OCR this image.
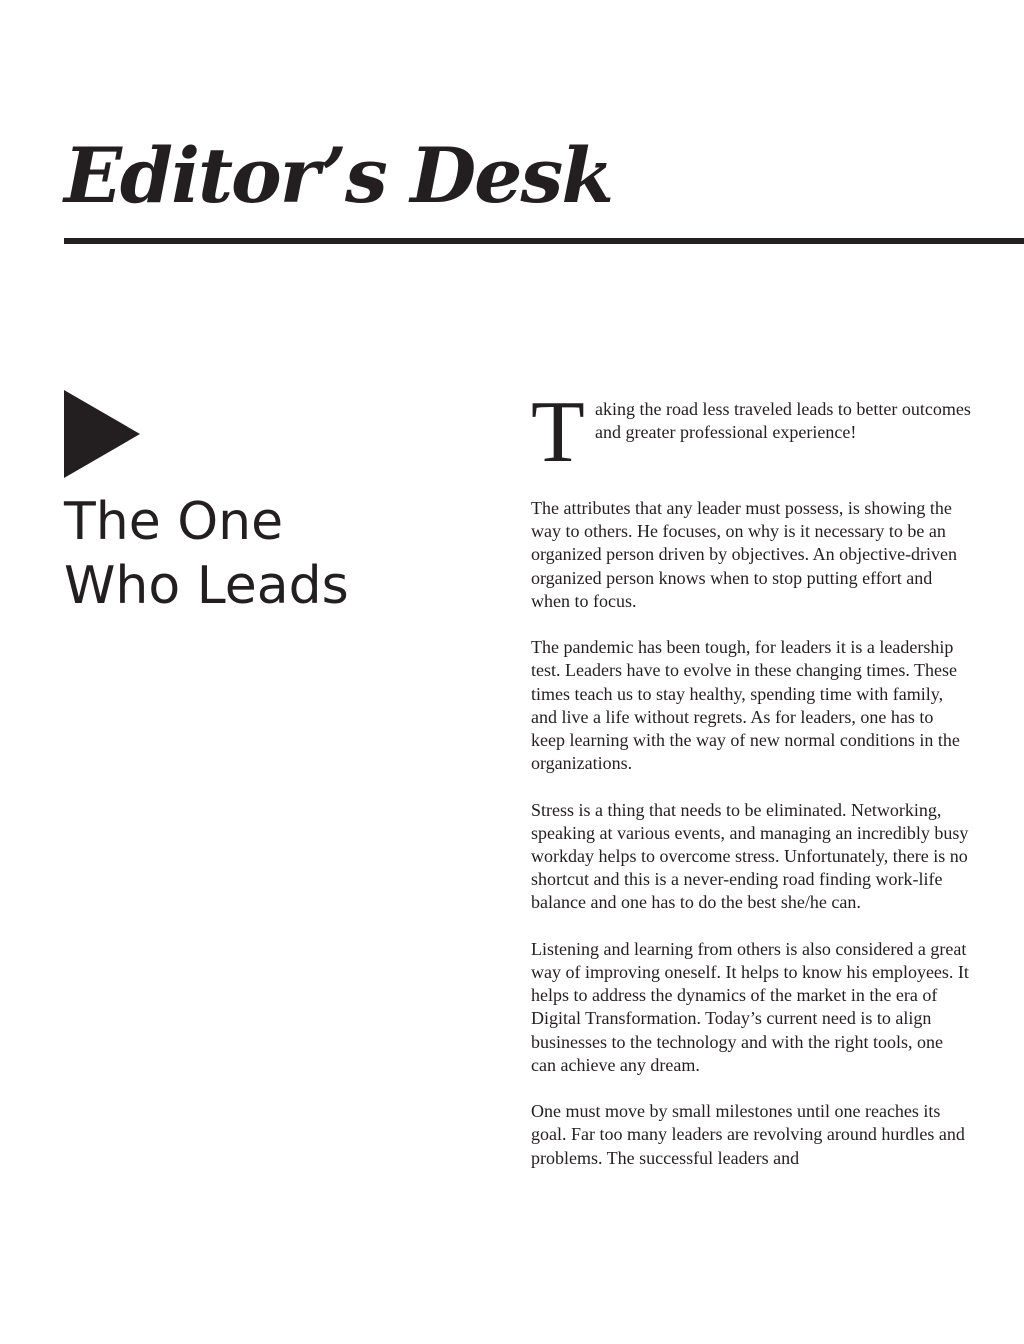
Editor’s Desk
The One
Who Leads
T aking the road less traveled leads to better outcomes and greater professional experience!

The attributes that any leader must possess, is showing the way to others. He focuses, on why is it necessary to be an organized person driven by objectives. An objective-driven organized person knows when to stop putting effort and when to focus.

The pandemic has been tough, for leaders it is a leadership test. Leaders have to evolve in these changing times. These times teach us to stay healthy, spending time with family, and live a life without regrets. As for leaders, one has to keep learning with the way of new normal conditions in the organizations.

Stress is a thing that needs to be eliminated. Networking, speaking at various events, and managing an incredibly busy workday helps to overcome stress. Unfortunately, there is no shortcut and this is a never-ending road finding work-life balance and one has to do the best she/he can.

Listening and learning from others is also considered a great way of improving oneself. It helps to know his employees. It helps to address the dynamics of the market in the era of Digital Transformation. Today’s current need is to align businesses to the technology and with the right tools, one can achieve any dream.

One must move by small milestones until one reaches its goal. Far too many leaders are revolving around hurdles and problems. The successful leaders and
